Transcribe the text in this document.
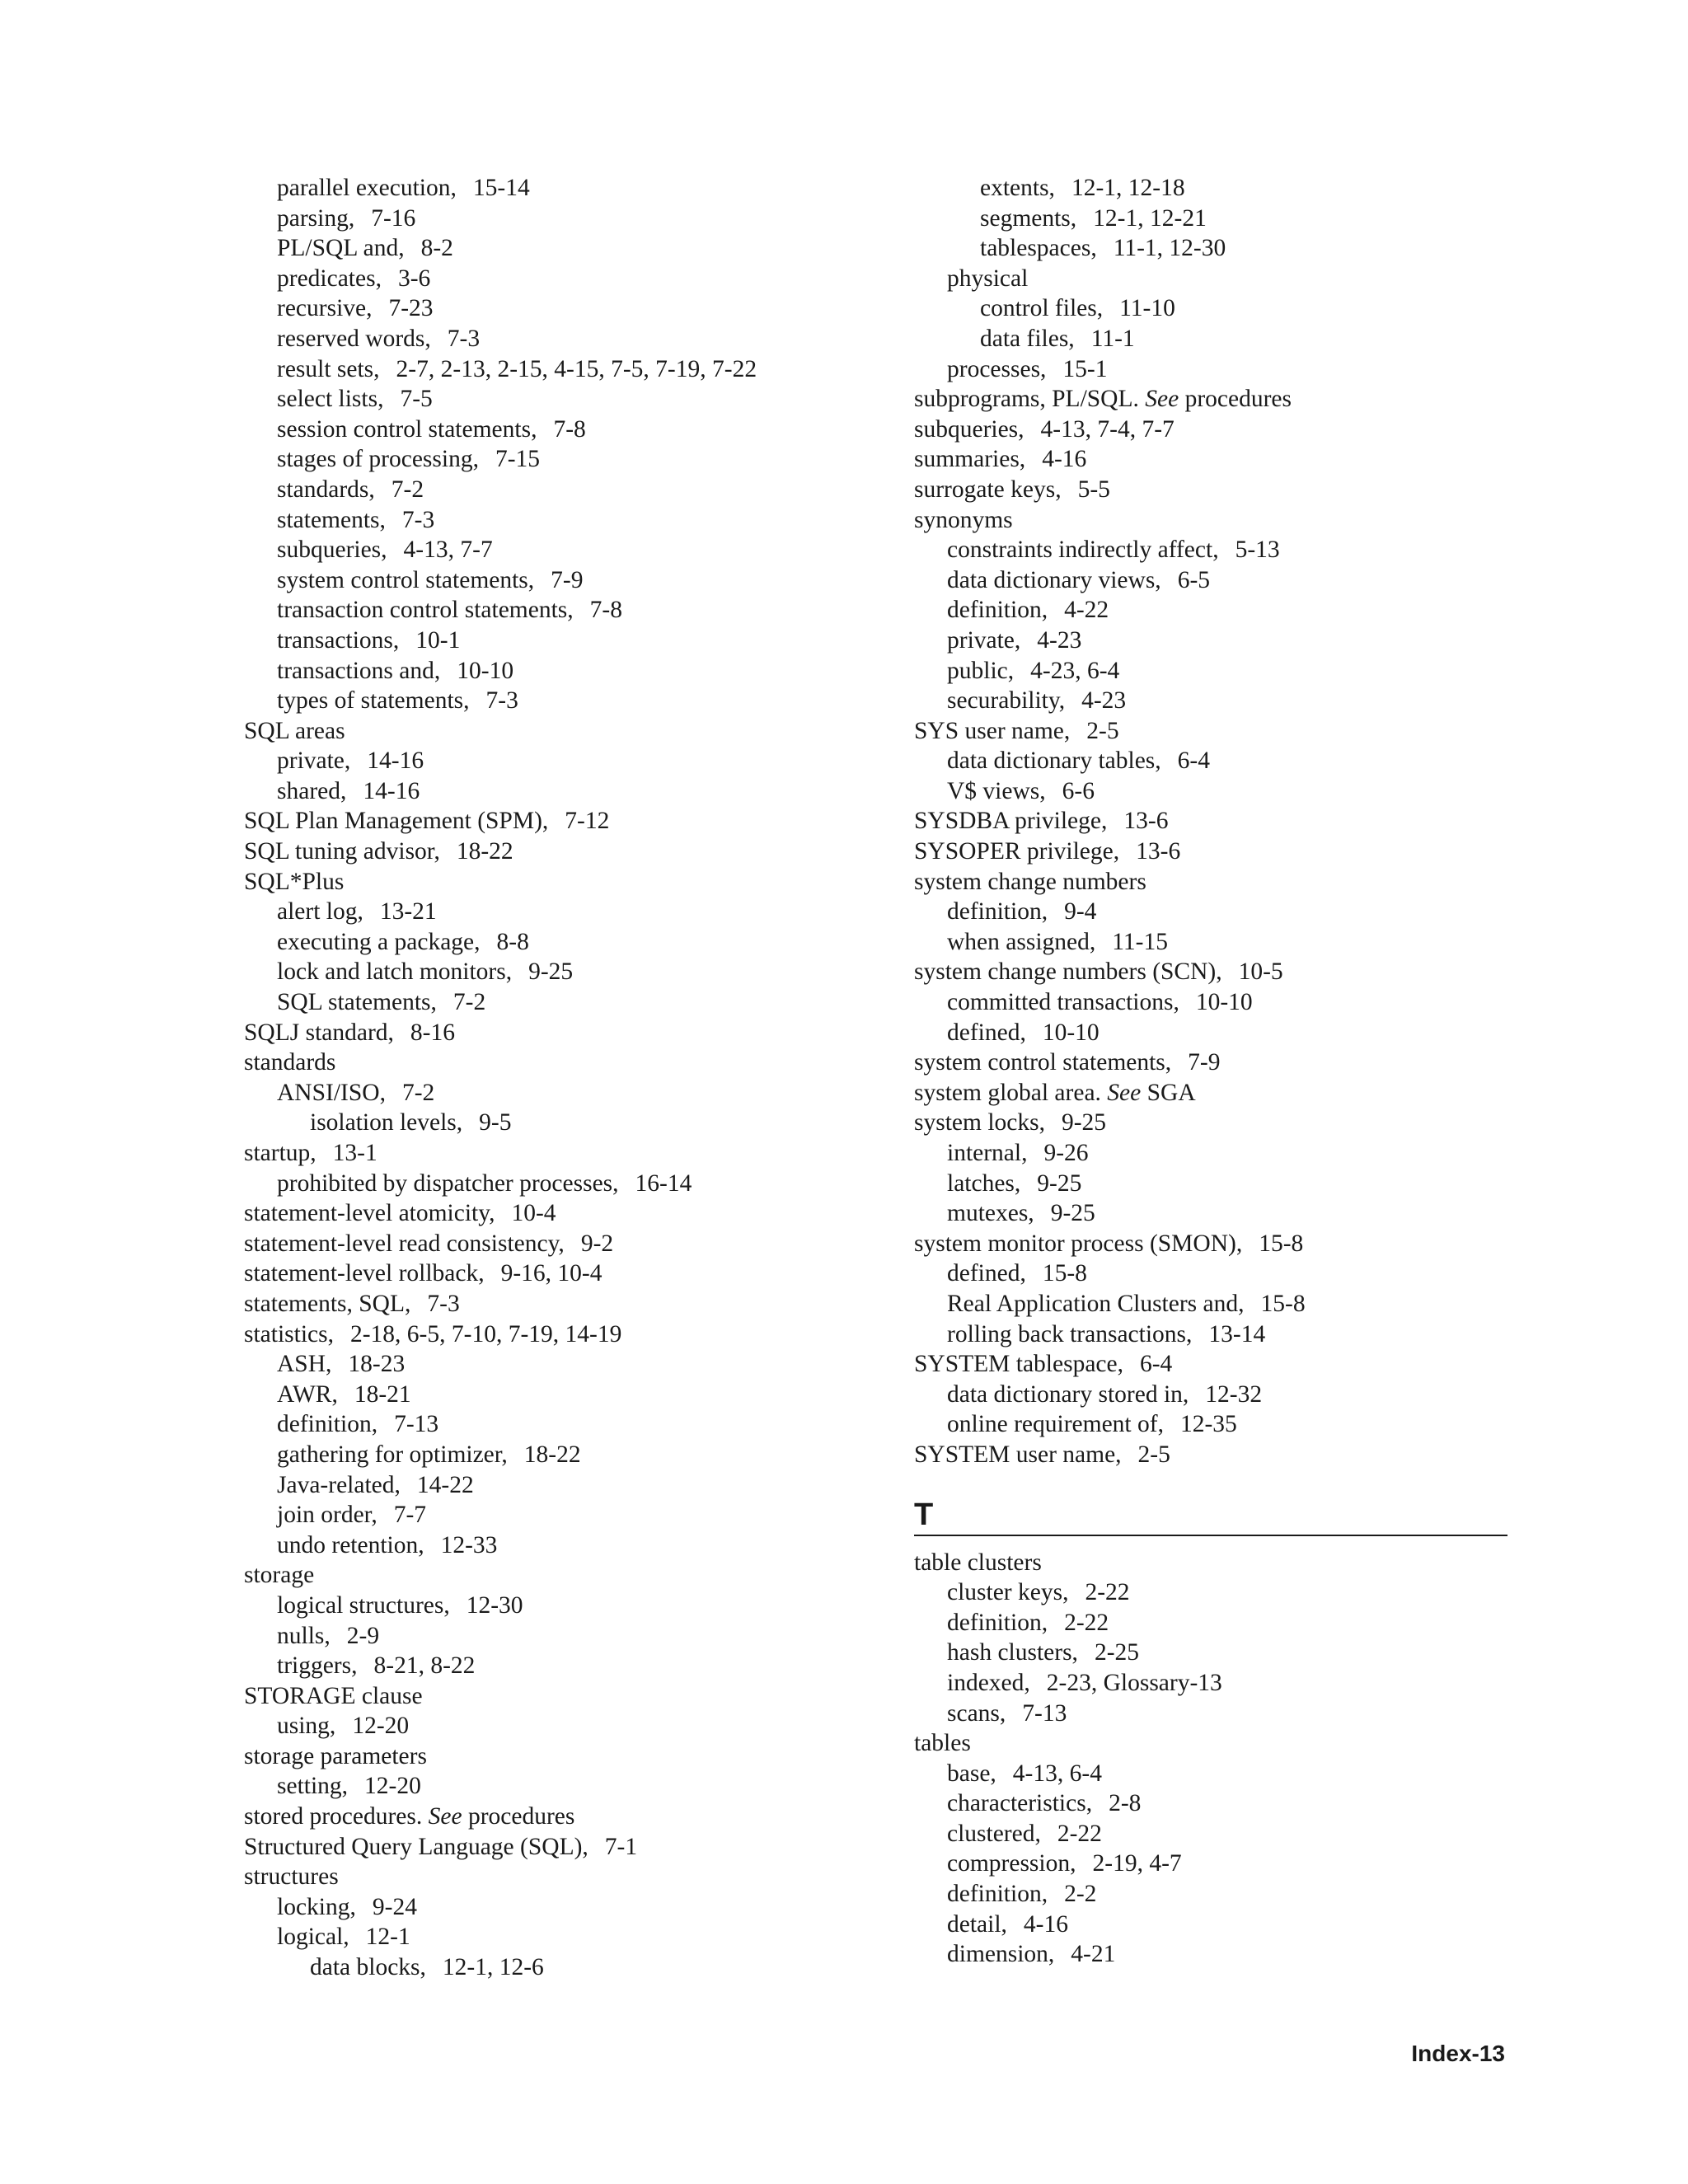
parallel execution, 15-14
parsing, 7-16
PL/SQL and, 8-2
predicates, 3-6
recursive, 7-23
reserved words, 7-3
result sets, 2-7, 2-13, 2-15, 4-15, 7-5, 7-19, 7-22
select lists, 7-5
session control statements, 7-8
stages of processing, 7-15
standards, 7-2
statements, 7-3
subqueries, 4-13, 7-7
system control statements, 7-9
transaction control statements, 7-8
transactions, 10-1
transactions and, 10-10
types of statements, 7-3
SQL areas
private, 14-16
shared, 14-16
SQL Plan Management (SPM), 7-12
SQL tuning advisor, 18-22
SQL*Plus
alert log, 13-21
executing a package, 8-8
lock and latch monitors, 9-25
SQL statements, 7-2
SQLJ standard, 8-16
standards
ANSI/ISO, 7-2
isolation levels, 9-5
startup, 13-1
prohibited by dispatcher processes, 16-14
statement-level atomicity, 10-4
statement-level read consistency, 9-2
statement-level rollback, 9-16, 10-4
statements, SQL, 7-3
statistics, 2-18, 6-5, 7-10, 7-19, 14-19
ASH, 18-23
AWR, 18-21
definition, 7-13
gathering for optimizer, 18-22
Java-related, 14-22
join order, 7-7
undo retention, 12-33
storage
logical structures, 12-30
nulls, 2-9
triggers, 8-21, 8-22
STORAGE clause
using, 12-20
storage parameters
setting, 12-20
stored procedures. See procedures
Structured Query Language (SQL), 7-1
structures
locking, 9-24
logical, 12-1
data blocks, 12-1, 12-6
extents, 12-1, 12-18
segments, 12-1, 12-21
tablespaces, 11-1, 12-30
physical
control files, 11-10
data files, 11-1
processes, 15-1
subprograms, PL/SQL. See procedures
subqueries, 4-13, 7-4, 7-7
summaries, 4-16
surrogate keys, 5-5
synonyms
constraints indirectly affect, 5-13
data dictionary views, 6-5
definition, 4-22
private, 4-23
public, 4-23, 6-4
securability, 4-23
SYS user name, 2-5
data dictionary tables, 6-4
V$ views, 6-6
SYSDBA privilege, 13-6
SYSOPER privilege, 13-6
system change numbers
definition, 9-4
when assigned, 11-15
system change numbers (SCN), 10-5
committed transactions, 10-10
defined, 10-10
system control statements, 7-9
system global area. See SGA
system locks, 9-25
internal, 9-26
latches, 9-25
mutexes, 9-25
system monitor process (SMON), 15-8
defined, 15-8
Real Application Clusters and, 15-8
rolling back transactions, 13-14
SYSTEM tablespace, 6-4
data dictionary stored in, 12-32
online requirement of, 12-35
SYSTEM user name, 2-5
T
table clusters
cluster keys, 2-22
definition, 2-22
hash clusters, 2-25
indexed, 2-23, Glossary-13
scans, 7-13
tables
base, 4-13, 6-4
characteristics, 2-8
clustered, 2-22
compression, 2-19, 4-7
definition, 2-2
detail, 4-16
dimension, 4-21
Index-13
